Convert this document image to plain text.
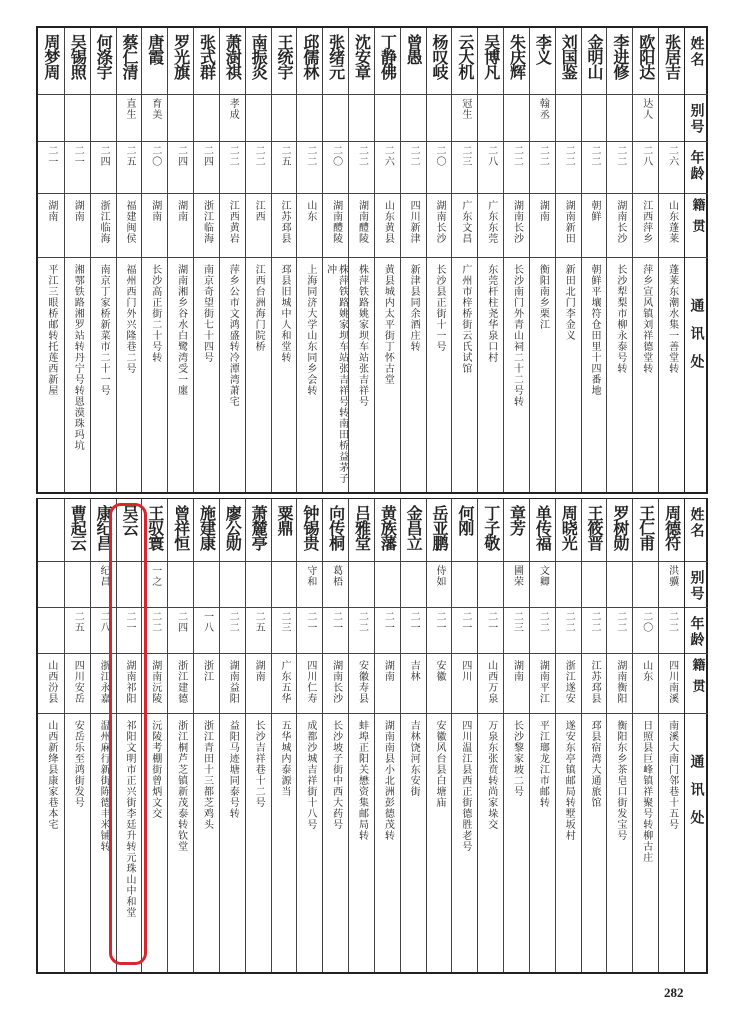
姓名
别号
年龄
籍贯
通讯处
张居吉
二六
山东蓬莱
蓬莱东潮水集一善堂转
欧阳达
达人
二八
江西萍乡
萍乡宣风镇刘祥德堂转
李进修
二二
湖南长沙
长沙犁梨市柳永泰号转
金明山
二二
朝鲜
朝鲜平壤符仓田里十四番地
刘国鉴
二二
湖南新田
新田北门李金义
李义
翰丞
二二
湖南
衡阳南乡栗江
朱庆辉
二二
湖南长沙
长沙南门外青山祠二十二号转
吴博凡
二八
广东东莞
东莞杆柱尧华泉口村
云大机
冠生
二三
广东文昌
广州市梓桥街云氏试馆
杨叹岐
二〇
湖南长沙
长沙县正街十一号
曾愚
二二
四川新津
新津县同余酒庄转
丁静佛
二六
山东黄县
黄县城内太平街丁怀古堂
沈安章
二二
湖南醴陵
株萍铁路姚家坝车站张吉祥号
张绪元
二〇
湖南醴陵
株萍铁路姚家坝车站张吉祥号转南田桥益茅子冲
邱儒林
二二
山东
上海同济大学山东同乡会转
王统宇
二五
江苏邳县
邳县旧城中人和堂转
南振炎
二二
江西
江西台洲海门院桥
萧澍祺
孝成
二二
江西黄岩
萍乡公市文鸿盛转冷潭湾萧宅
张式群
二四
浙江临海
南京奇望街七十四号
罗光旗
二四
湖南
湖南湘乡谷水白鹭湾受一廛
唐霞
育美
二〇
湖南
长沙高正街二十号转
蔡仁清
直生
二五
福建闽侯
福州西门外兴隆巷二号
何涤宇
二四
浙江临海
南京丁家桥新菜市二十一号
吴锡照
二一
湖南
湘鄂铁路湘罗站转丹宁号转恩漠珠玛坑
周梦周
二一
湖南
平江三眼桥邮转托莲西新屋
姓名
别号
年龄
籍贯
通讯处
周德符
洪骥
二二
四川南溪
南溪大南门邻巷十五号
王仁甫
二〇
山东
日照县巨峰镇祥聚号转柳古庄
罗树勋
二二
湖南衡阳
衡阳东乡茶皂口街发宝号
王筱晋
二二
江苏邳县
邳县宿湾大通旅馆
周晓光
二二
浙江遂安
遂安东亭镇邮局转墅坂村
单传福
文卿
二二
湖南平江
平江瑯龙江市邮转
章芳
圃荣
二三
湖南
长沙黎家坡二号
丁子敬
二一
山西万泉
万泉东张贲转尚家垛交
何刚
二一
四川
四川温江县西正街德胜老号
岳亚鹏
侍如
二一
安徽
安徽风台县白塘庙
金昌立
二一
吉林
吉林饶河东安街
黄族藩
二一
湖南
湖南南县小北洲彭德茂转
吕雅堂
二二
安徽寿县
蚌埠正阳关懋资集邮局转
向传桐
葛梧
二一
湖南长沙
长沙坡子街中西大药号
钟锡贵
守和
二一
四川仁寿
成都沙城吉祥街十八号
粟鼎
二三
广东五华
五华城内泰源当
萧麓亭
二五
湖南
长沙吉祥巷十二号
廖公勋
二二
湖南益阳
益阳马迹塘同泰号转
施建康
一八
浙江
浙江青田十三都芝鸡头
曾祥恒
二四
浙江建德
浙江桐芦芝镇新茂泰转钦堂
王驭寰
一之
二二
湖南沅陵
沅陵考棚街曾炳文交
吴云
二一
湖南祁阳
祁阳文明市正兴街李廷升转元珠山中和堂
康纪昌
纪昌
二八
浙江永嘉
温州麻行新街陈德丰米铺转
曹起云
二五
四川安岳
安岳乐至鸿街发号
山西汾县
山西新绛县康家巷本宅
282
